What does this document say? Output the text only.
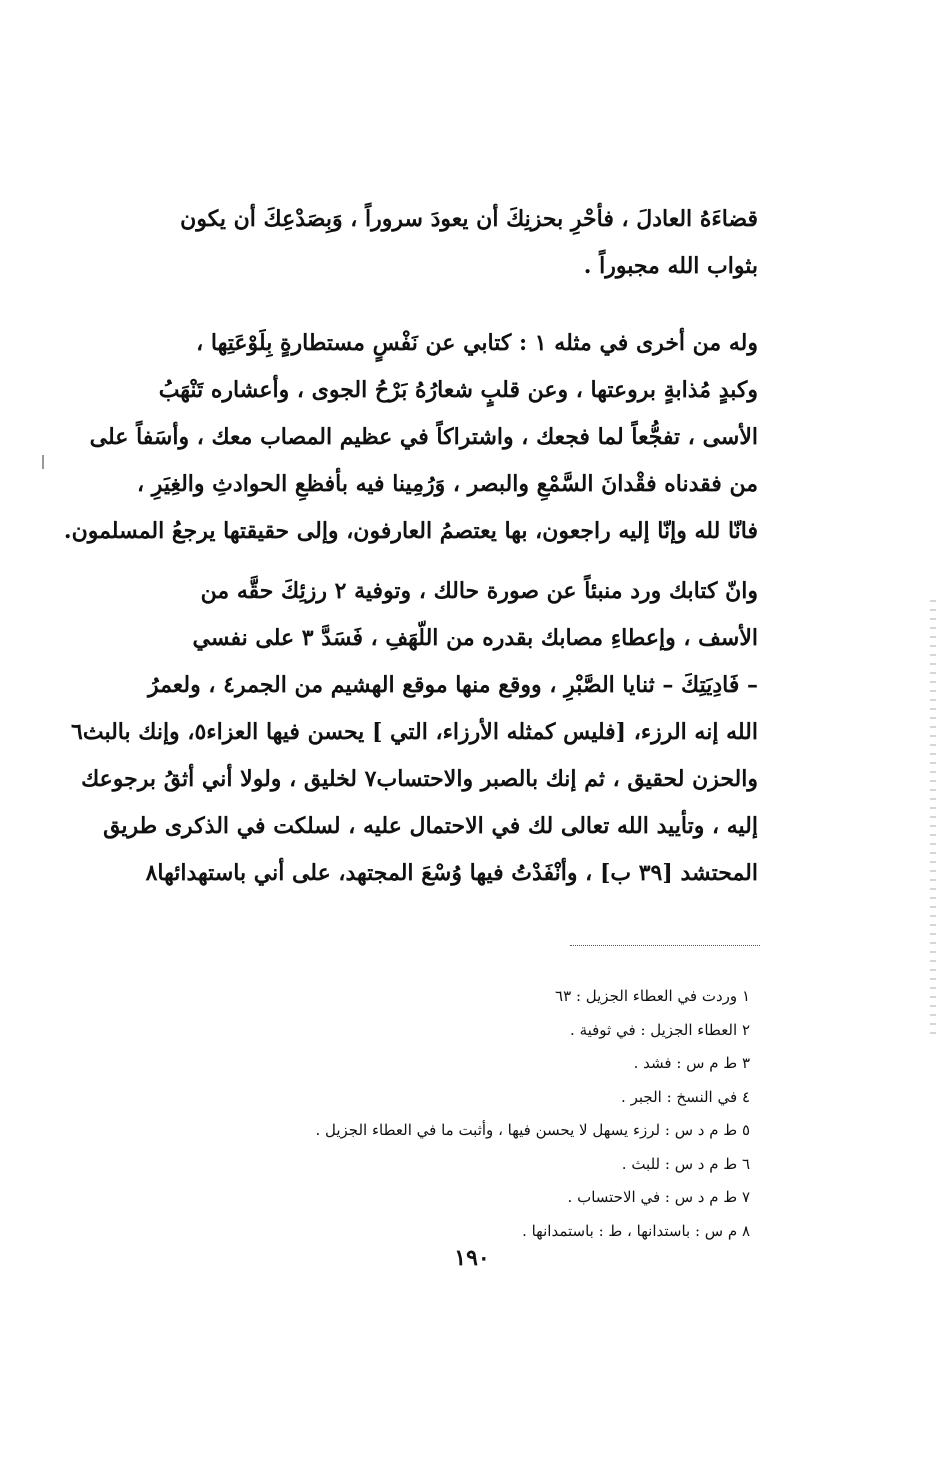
قضاءَهُ العادلَ ، فأحْرِ بحزنِكَ أن يعودَ سروراً ، وَبِصَدْعِكَ أن يكون
بثواب الله مجبوراً .
وله من أخرى في مثله ١ : كتابي عن نَفْسٍ مستطارةٍ بِلَوْعَتِها ،
وكبدٍ مُذابةٍ بروعتها ، وعن قلبٍ شعارُهُ بَرْحُ الجوى ، وأعشاره تَنْهَبُ
الأسى ، تفجُّعاً لما فجعك ، واشتراكاً في عظيم المصاب معك ، وأسَفاً على
من فقدناه فقْدانَ السَّمْعِ والبصر ، وَرُمِينا فيه بأفظعِ الحوادثِ والغِيَرِ ،
فانّا لله وإنّا إليه راجعون، بها يعتصمُ العارفون، وإلى حقيقتها يرجعُ المسلمون.
وانّ كتابك ورد منبئاً عن صورة حالك ، وتوفية ٢ رزئِكَ حقَّه من
الأسف ، وإعطاءِ مصابك بقدره من اللّهَفِ ، فَسَدَّ ٣ على نفسي
– فَادِيَتِكَ – ثنايا الصَّبْرِ ، ووقع منها موقع الهشيم من الجمر٤ ، ولعمرُ
الله إنه الرزء، [فليس كمثله الأرزاء، التي ] يحسن فيها العزاء٥، وإنك بالبث٦
والحزن لحقيق ، ثم إنك بالصبر والاحتساب٧ لخليق ، ولولا أني أثقُ برجوعك
إليه ، وتأييد الله تعالى لك في الاحتمال عليه ، لسلكت في الذكرى طريق
المحتشد [٣٩ ب] ، وأنْفَدْتُ فيها وُسْعَ المجتهد، على أني باستهدائها٨
١ وردت في العطاء الجزيل : ٦٣
٢ العطاء الجزيل : في ثوفية .
٣ ط م س : فشد .
٤ في النسخ : الجبر .
٥ ط م د س : لرزء يسهل لا يحسن فيها ، وأثبت ما في العطاء الجزيل .
٦ ط م د س : للبث .
٧ ط م د س : في الاحتساب .
٨ م س : باستدانها ، ط : باستمدانها .
١٩٠
